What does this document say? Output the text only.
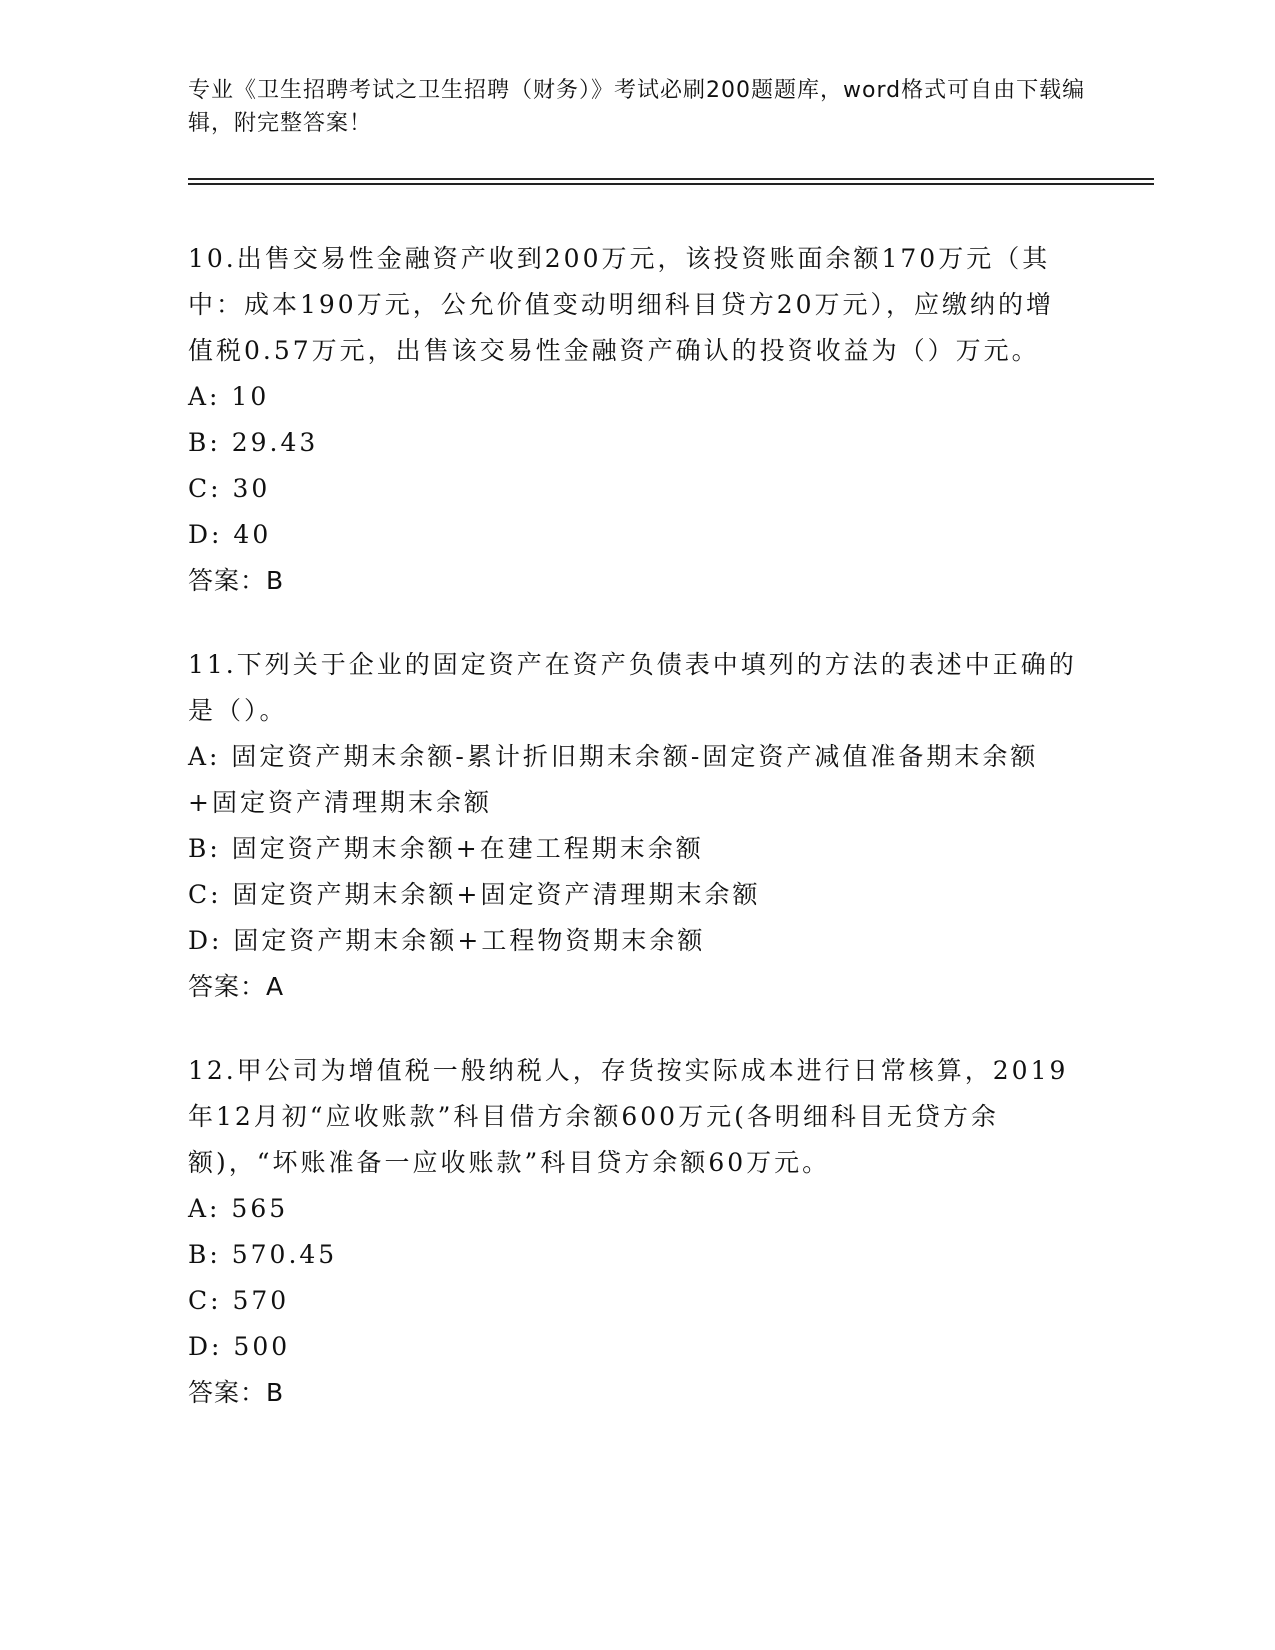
专业《卫生招聘考试之卫生招聘（财务）》考试必刷200题题库，word格式可自由下载编辑，附完整答案！

10.出售交易性金融资产收到200万元，该投资账面余额170万元（其中：成本190万元，公允价值变动明细科目贷方20万元），应缴纳的增值税0.57万元，出售该交易性金融资产确认的投资收益为（）万元。

A: 10

B: 29.43

C: 30

D: 40

答案：B

11.下列关于企业的固定资产在资产负债表中填列的方法的表述中正确的是（）。

A: 固定资产期末余额-累计折旧期末余额-固定资产减值准备期末余额+固定资产清理期末余额

B: 固定资产期末余额+在建工程期末余额

C: 固定资产期末余额+固定资产清理期末余额

D: 固定资产期末余额+工程物资期末余额

答案：A

12.甲公司为增值税一般纳税人，存货按实际成本进行日常核算，2019年12月初“应收账款”科目借方余额600万元(各明细科目无贷方余额)，“坏账准备一应收账款”科目贷方余额60万元。

A: 565

B: 570.45

C: 570

D: 500

答案：B
